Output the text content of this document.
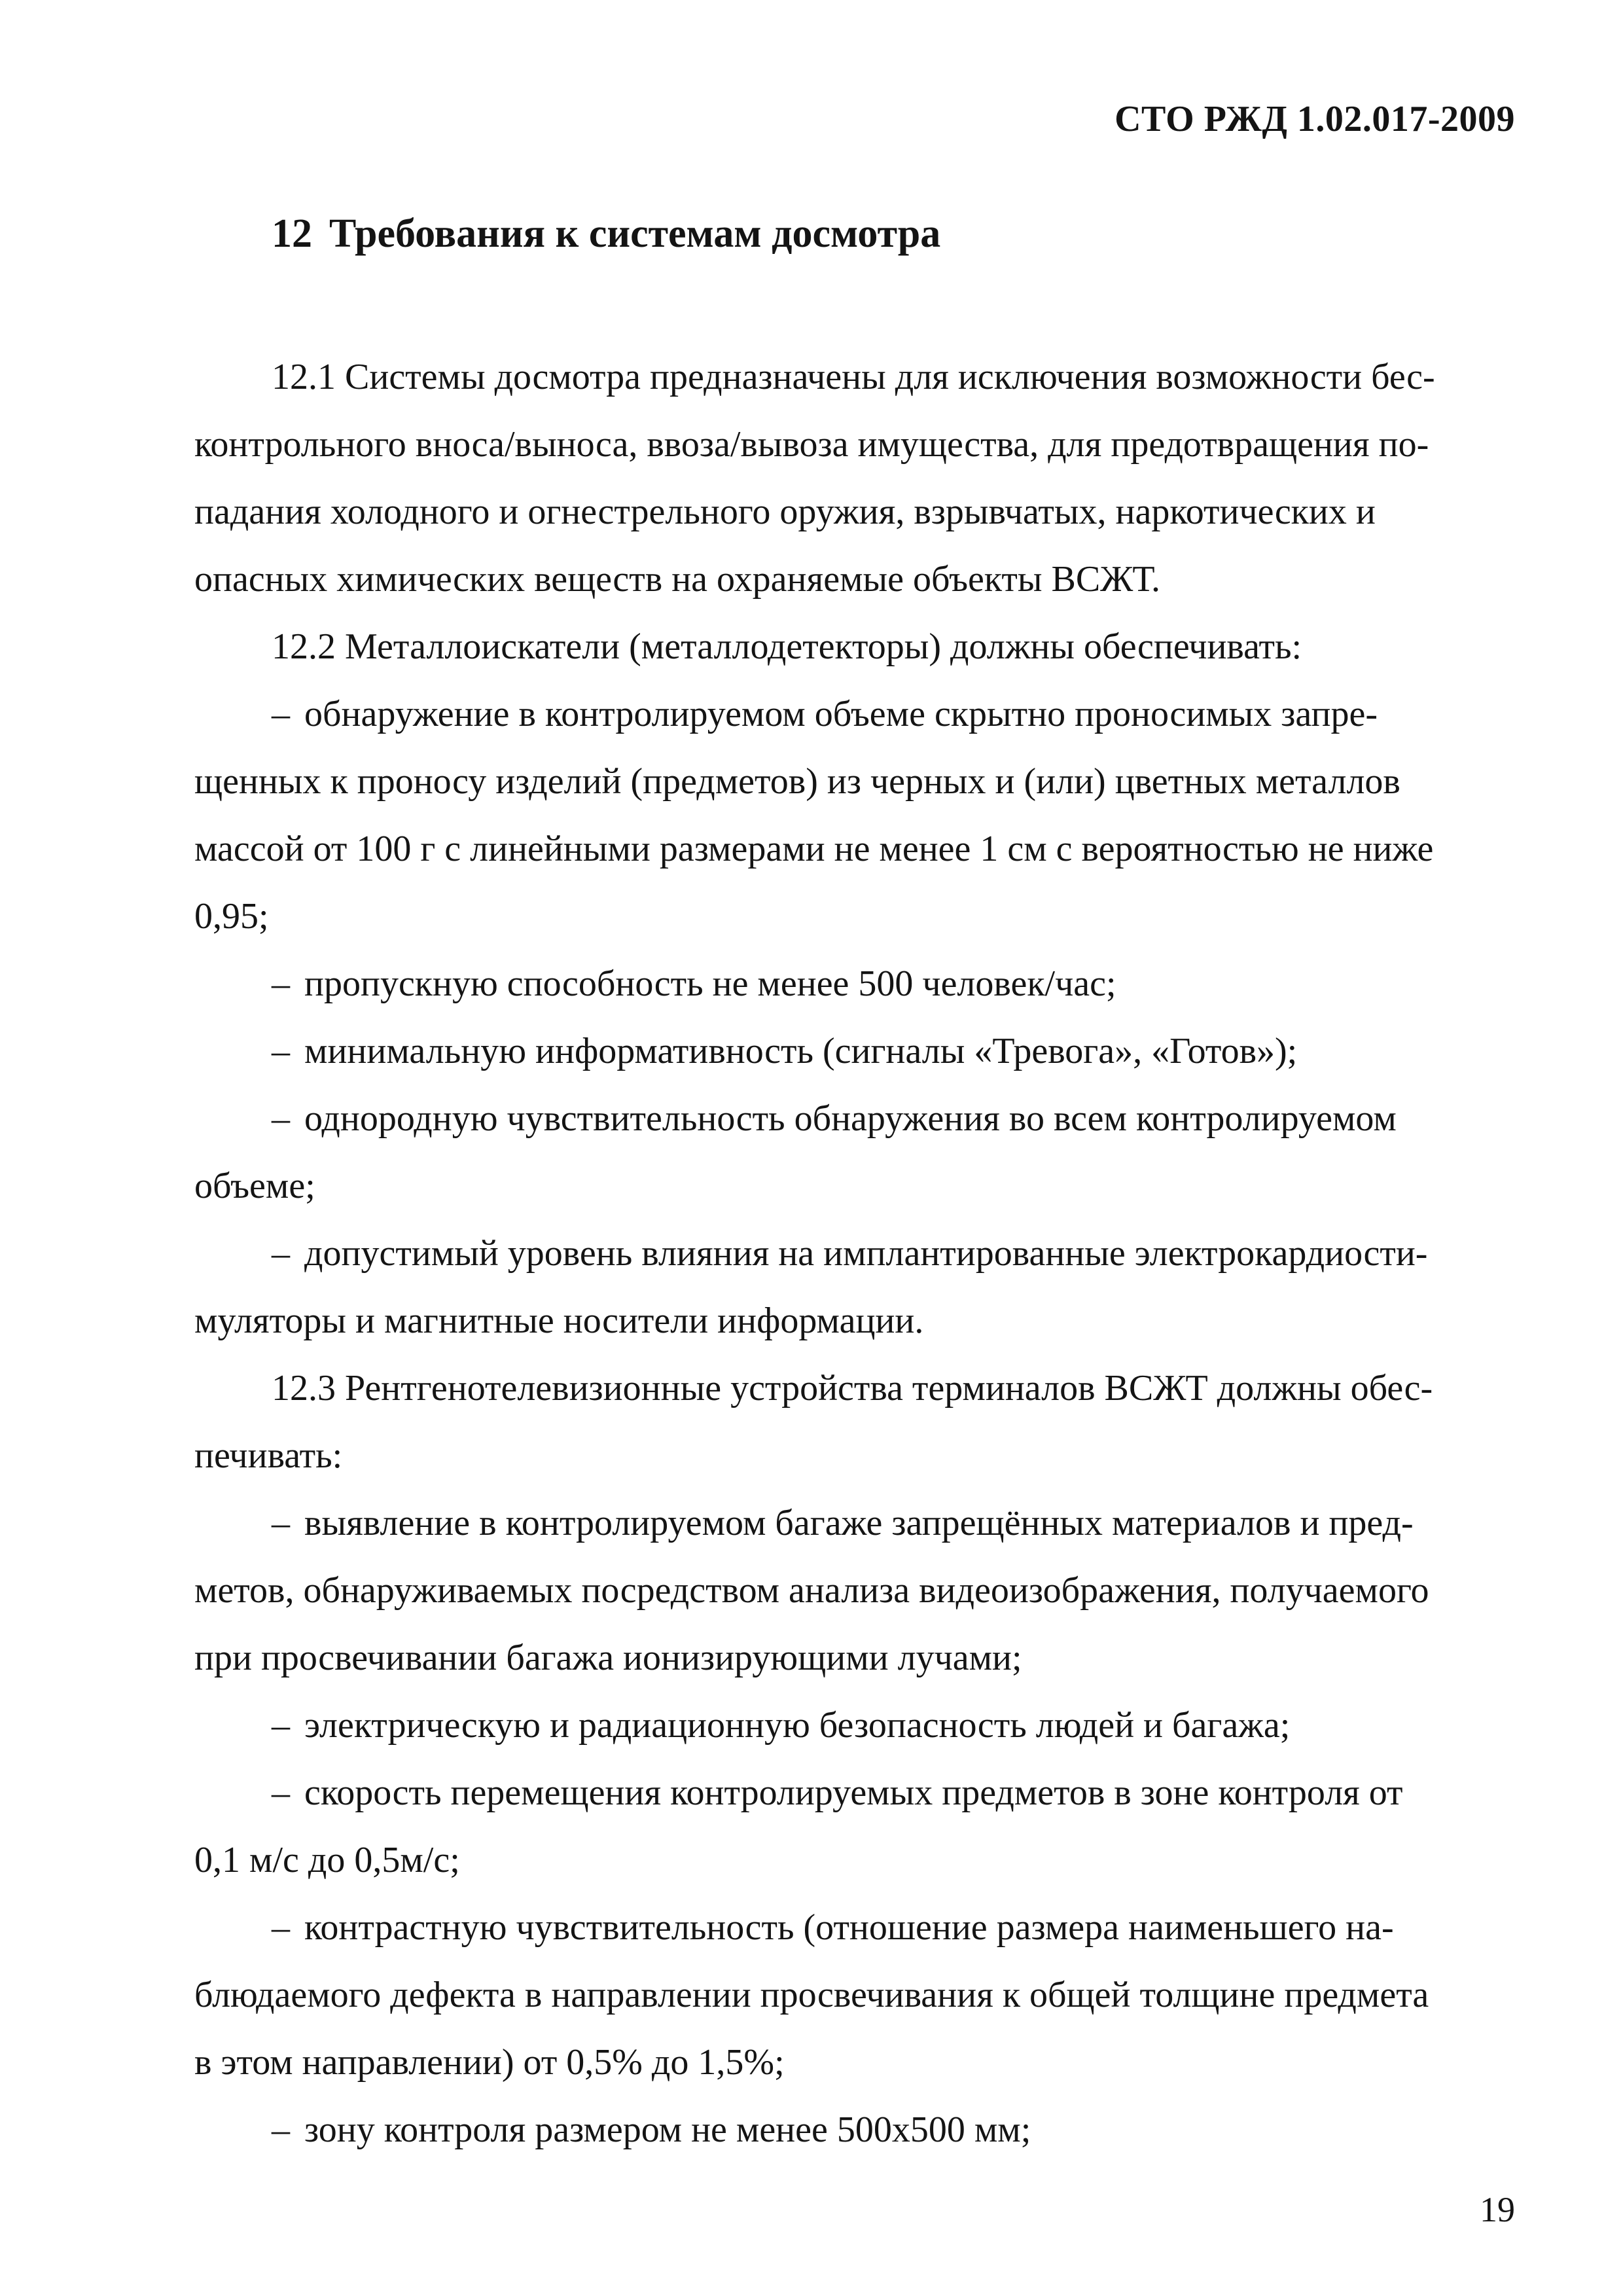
СТО РЖД 1.02.017-2009
12 Требования к системам досмотра

12.1 Системы досмотра предназначены для исключения возможности бес-
контрольного вноса/выноса, ввоза/вывоза имущества, для предотвращения по-
падания холодного и огнестрельного оружия, взрывчатых, наркотических и
опасных химических веществ на охраняемые объекты ВСЖТ.

12.2 Металлоискатели (металлодетекторы) должны обеспечивать:

– обнаружение в контролируемом объеме скрытно проносимых запре-
щенных к проносу изделий (предметов) из черных и (или) цветных металлов
массой от 100 г с линейными размерами не менее 1 см с вероятностью не ниже
0,95;

– пропускную способность не менее 500 человек/час;

– минимальную информативность (сигналы «Тревога», «Готов»);

– однородную чувствительность обнаружения во всем контролируемом
объеме;

– допустимый уровень влияния на имплантированные электрокардиости-
муляторы и магнитные носители информации.

12.3 Рентгенотелевизионные устройства терминалов ВСЖТ должны обес-
печивать:

– выявление в контролируемом багаже запрещённых материалов и пред-
метов, обнаруживаемых посредством анализа видеоизображения, получаемого
при просвечивании багажа ионизирующими лучами;

– электрическую и радиационную безопасность людей и багажа;

– скорость перемещения контролируемых предметов в зоне контроля от
0,1 м/с до 0,5м/с;

– контрастную чувствительность (отношение размера наименьшего на-
блюдаемого дефекта в направлении просвечивания к общей толщине предмета
в этом направлении) от 0,5% до 1,5%;

– зону контроля размером не менее 500х500 мм;

19
